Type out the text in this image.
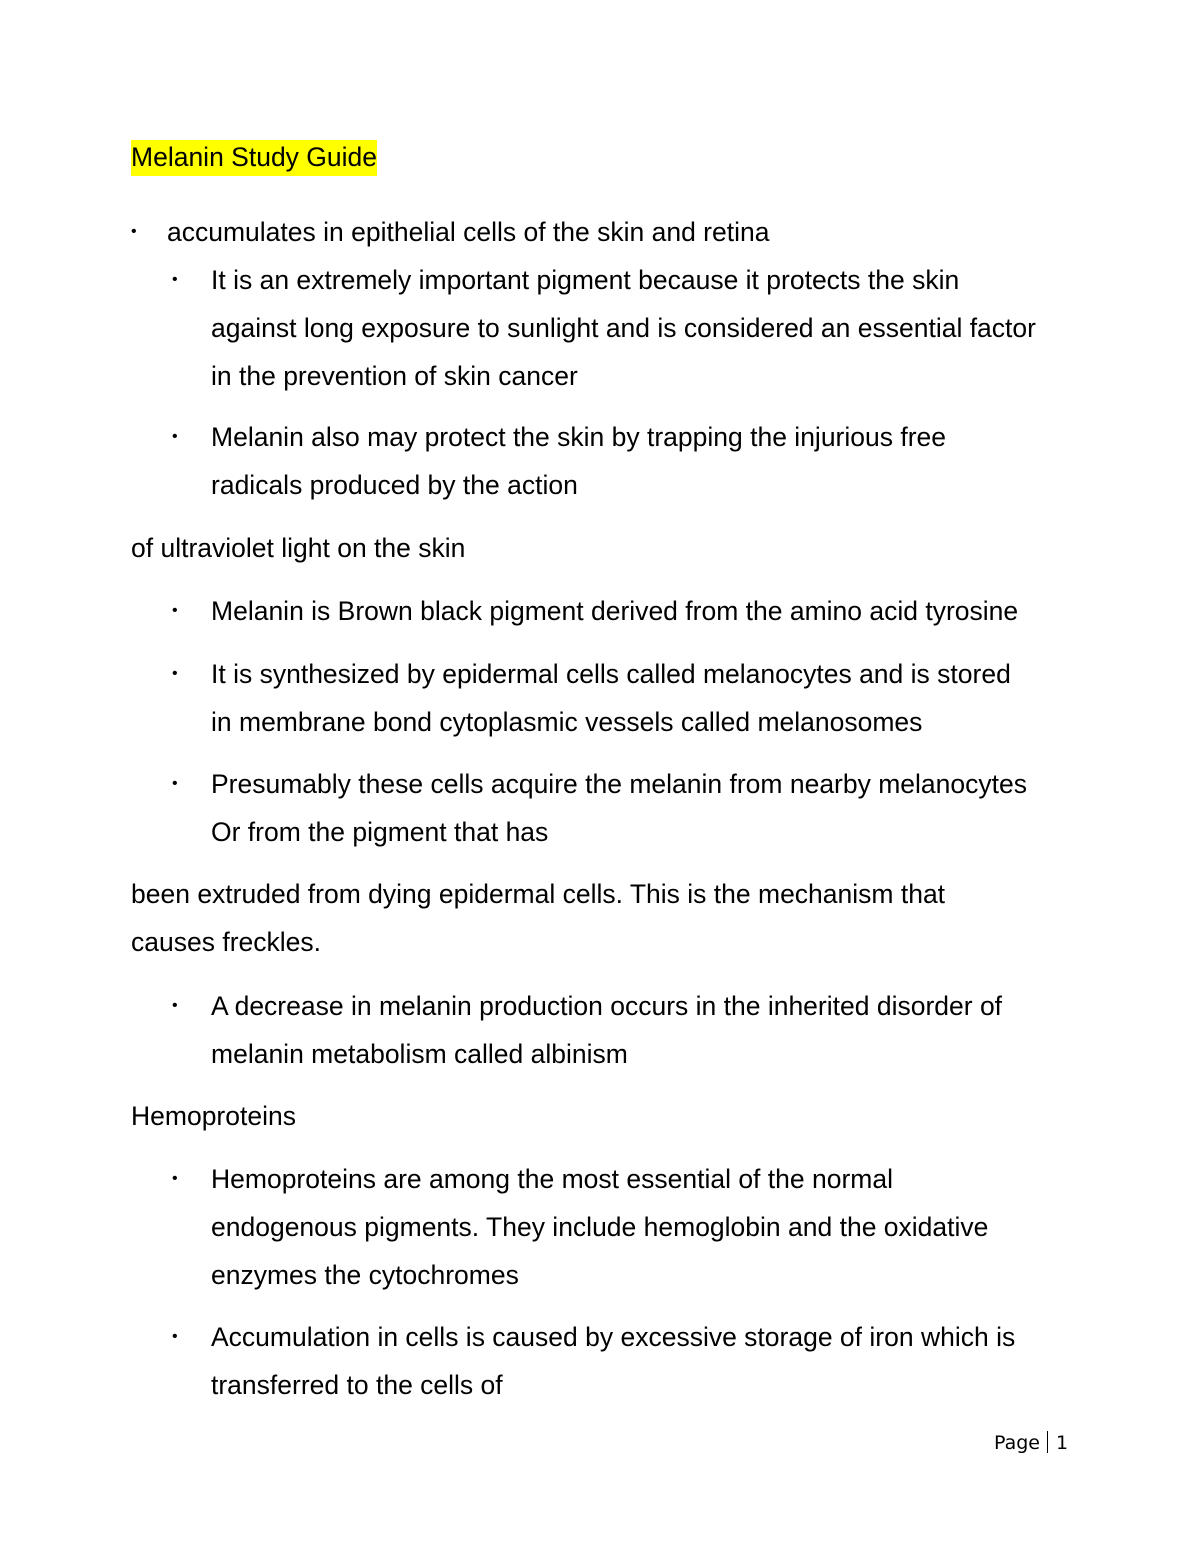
Melanin Study Guide

• accumulates in epithelial cells of the skin and retina
• It is an extremely important pigment because it protects the skin
against long exposure to sunlight and is considered an essential factor
in the prevention of skin cancer
• Melanin also may protect the skin by trapping the injurious free
radicals produced by the action

of ultraviolet light on the skin

• Melanin is Brown black pigment derived from the amino acid tyrosine
• It is synthesized by epidermal cells called melanocytes and is stored
in membrane bond cytoplasmic vessels called melanosomes
• Presumably these cells acquire the melanin from nearby melanocytes
Or from the pigment that has
been extruded from dying epidermal cells. This is the mechanism that
causes freckles.
• A decrease in melanin production occurs in the inherited disorder of
melanin metabolism called albinism

Hemoproteins

• Hemoproteins are among the most essential of the normal
endogenous pigments. They include hemoglobin and the oxidative
enzymes the cytochromes
• Accumulation in cells is caused by excessive storage of iron which is
transferred to the cells of
Page 1
